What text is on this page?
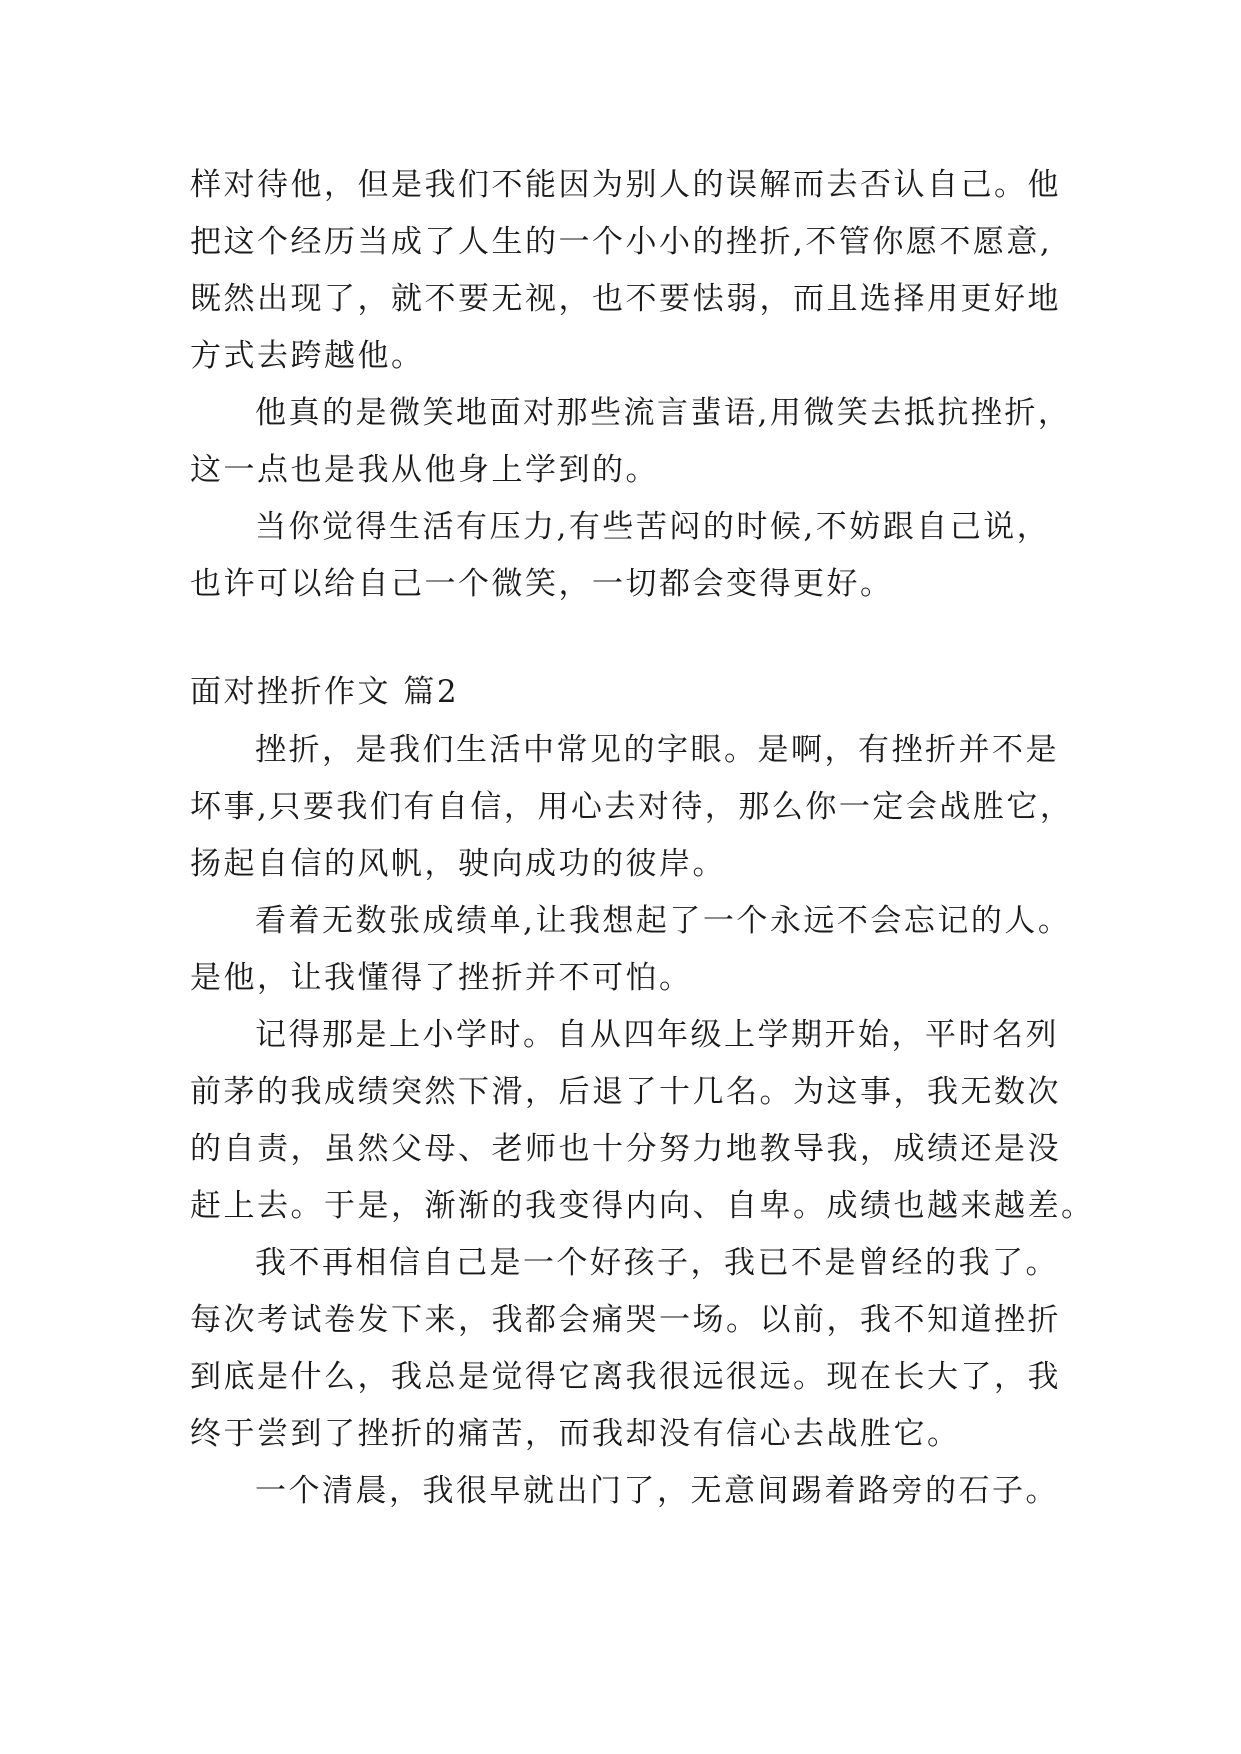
样对待他，但是我们不能因为别人的误解而去否认自己。他
把这个经历当成了人生的一个小小的挫折,不管你愿不愿意,
既然出现了，就不要无视，也不要怯弱，而且选择用更好地
方式去跨越他。
他真的是微笑地面对那些流言蜚语,用微笑去抵抗挫折，
这一点也是我从他身上学到的。
当你觉得生活有压力,有些苦闷的时候,不妨跟自己说，
也许可以给自己一个微笑，一切都会变得更好。
面对挫折作文 篇2
挫折，是我们生活中常见的字眼。是啊，有挫折并不是
坏事,只要我们有自信，用心去对待，那么你一定会战胜它，
扬起自信的风帆，驶向成功的彼岸。
看着无数张成绩单,让我想起了一个永远不会忘记的人。
是他，让我懂得了挫折并不可怕。
记得那是上小学时。自从四年级上学期开始，平时名列
前茅的我成绩突然下滑，后退了十几名。为这事，我无数次
的自责，虽然父母、老师也十分努力地教导我，成绩还是没
赶上去。于是，渐渐的我变得内向、自卑。成绩也越来越差。
我不再相信自己是一个好孩子，我已不是曾经的我了。
每次考试卷发下来，我都会痛哭一场。以前，我不知道挫折
到底是什么，我总是觉得它离我很远很远。现在长大了，我
终于尝到了挫折的痛苦，而我却没有信心去战胜它。
一个清晨，我很早就出门了，无意间踢着路旁的石子。
